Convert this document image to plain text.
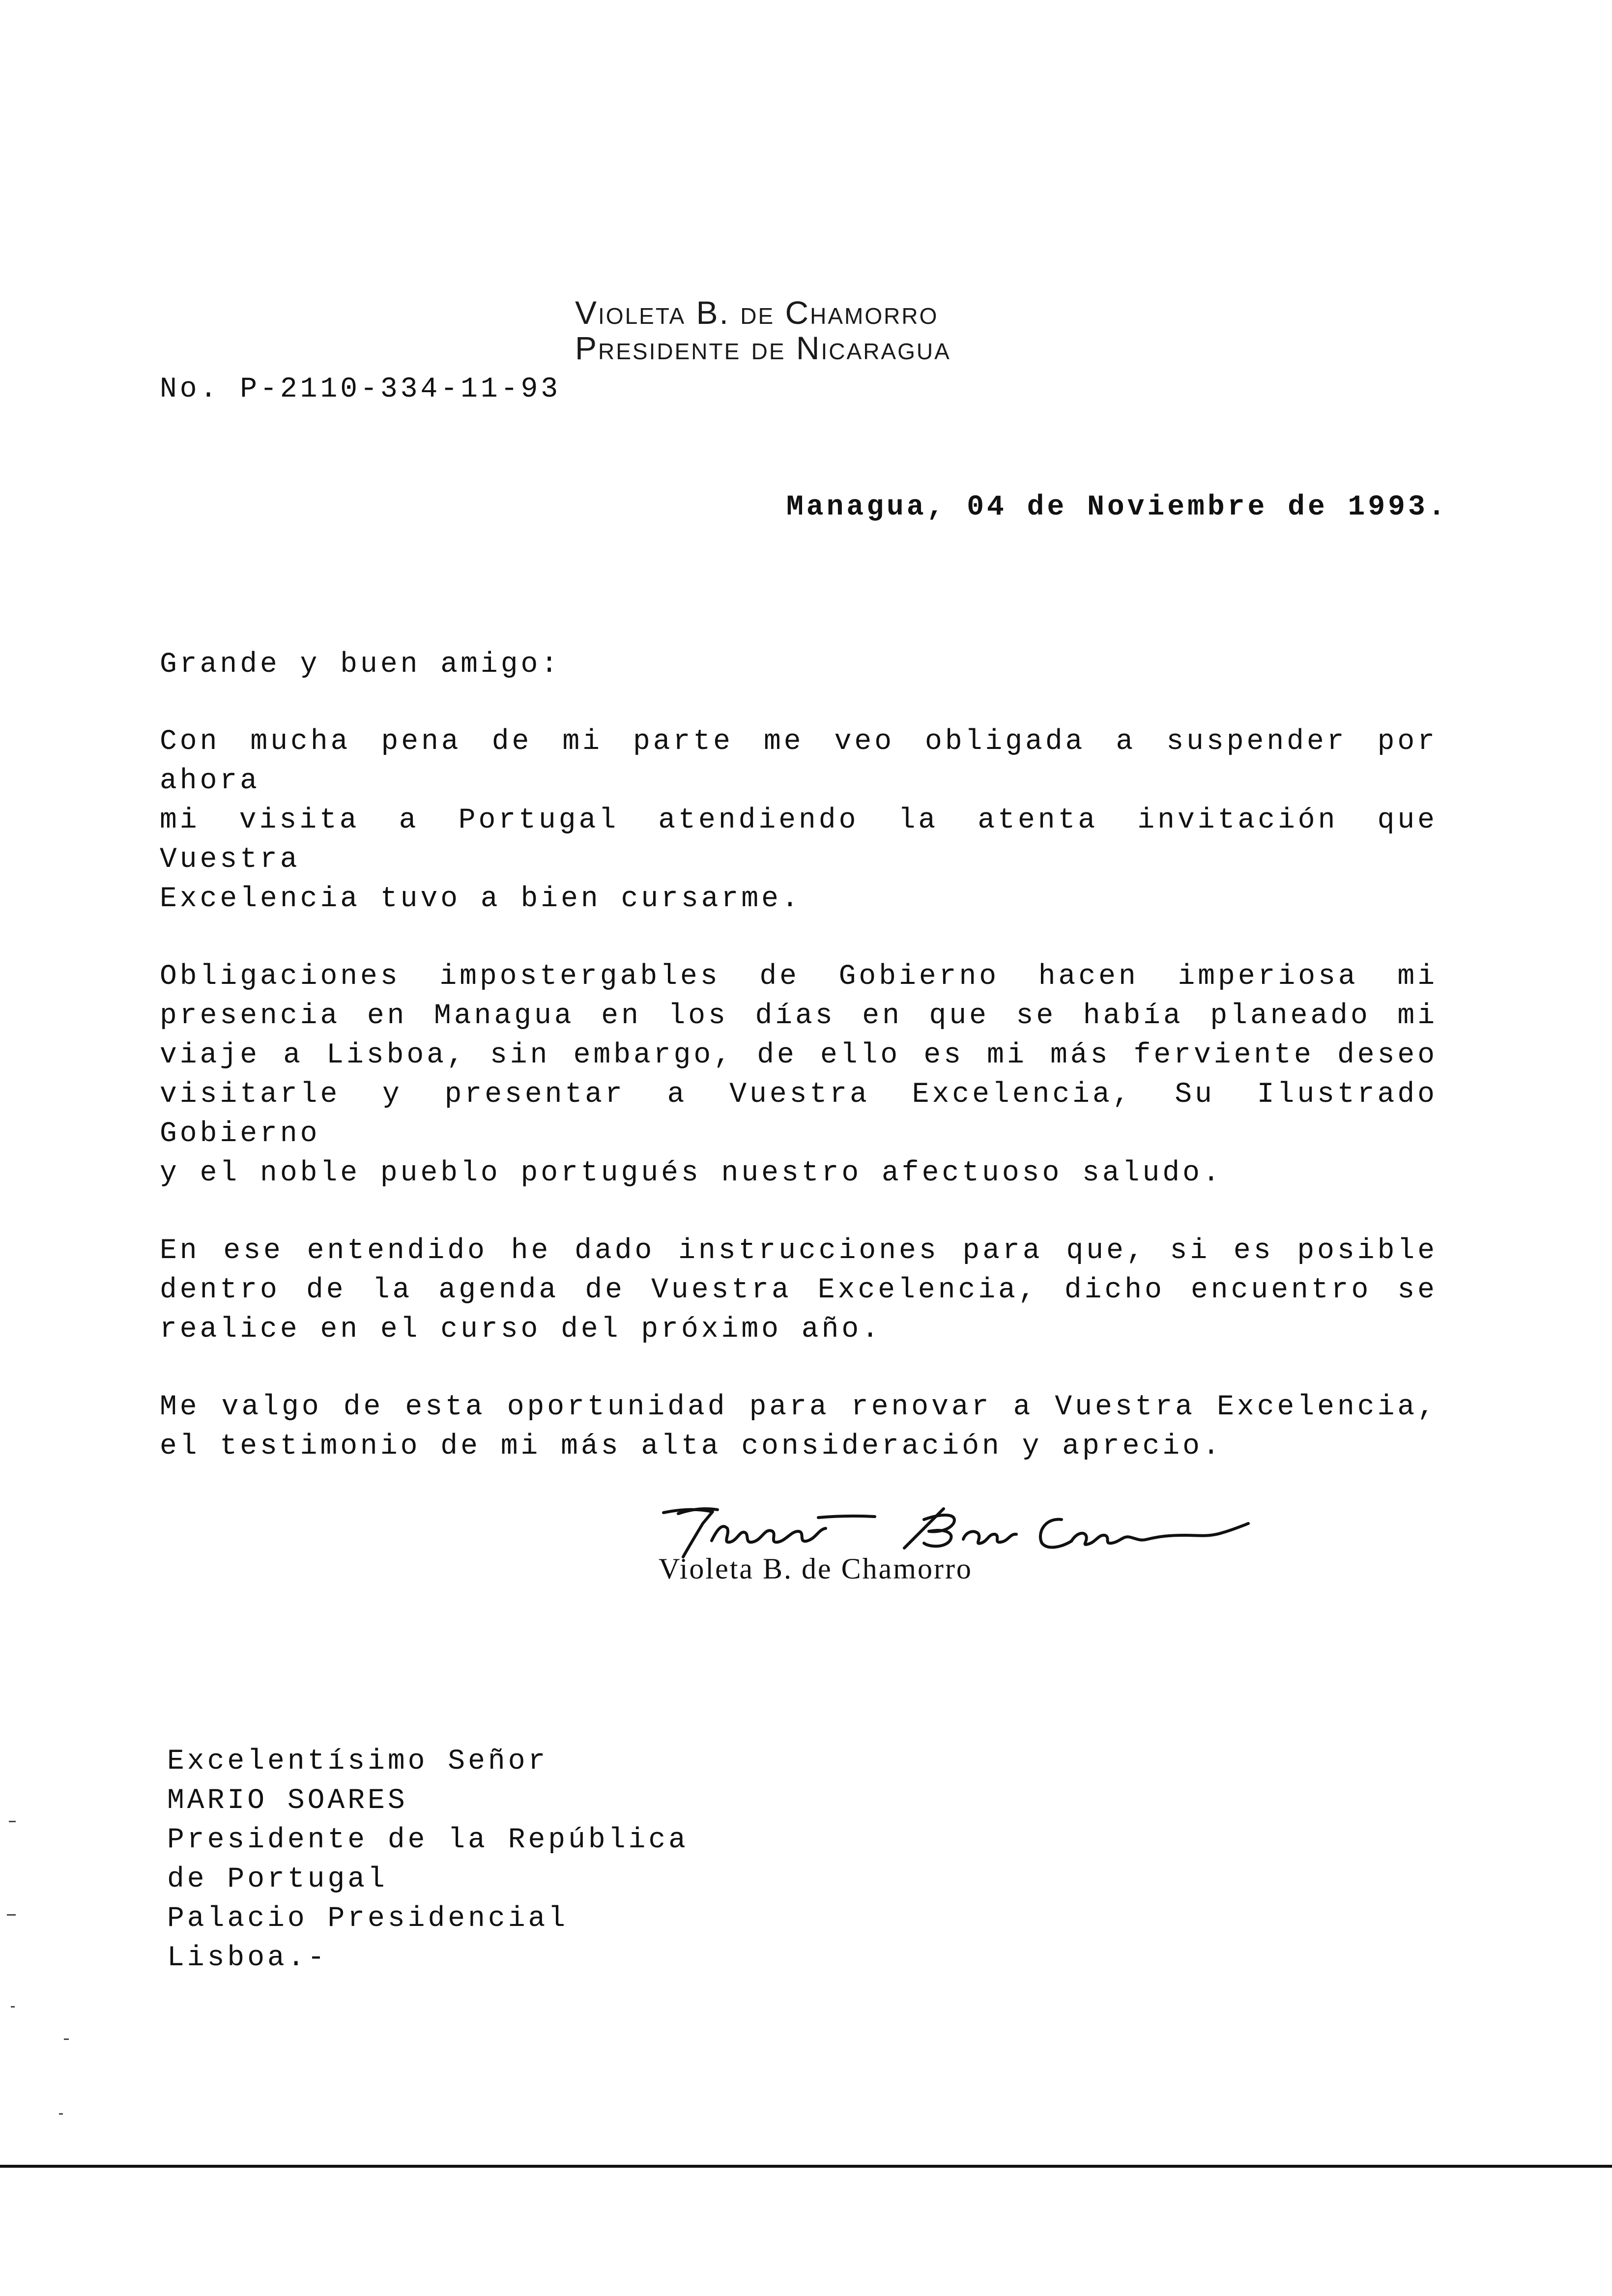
Violeta B. de Chamorro
Presidente de Nicaragua
No. P-2110-334-11-93
Managua, 04 de Noviembre de 1993.
Grande y buen amigo:
Con mucha pena de mi parte me veo obligada a suspender por ahora
mi visita a Portugal atendiendo la atenta invitación que Vuestra
Excelencia tuvo a bien cursarme.
Obligaciones impostergables de Gobierno hacen imperiosa mi
presencia en Managua en los días en que se había planeado mi
viaje a Lisboa, sin embargo, de ello es mi más ferviente deseo
visitarle y presentar a Vuestra Excelencia, Su Ilustrado Gobierno
y el noble pueblo portugués nuestro afectuoso saludo.
En ese entendido he dado instrucciones para que, si es posible
dentro de la agenda de Vuestra Excelencia, dicho encuentro se
realice en el curso del próximo año.
Me valgo de esta oportunidad para renovar a Vuestra Excelencia,
el testimonio de mi más alta consideración y aprecio.
Violeta B. de Chamorro
Excelentísimo Señor
MARIO SOARES
Presidente de la República
de Portugal
Palacio Presidencial
Lisboa.-
